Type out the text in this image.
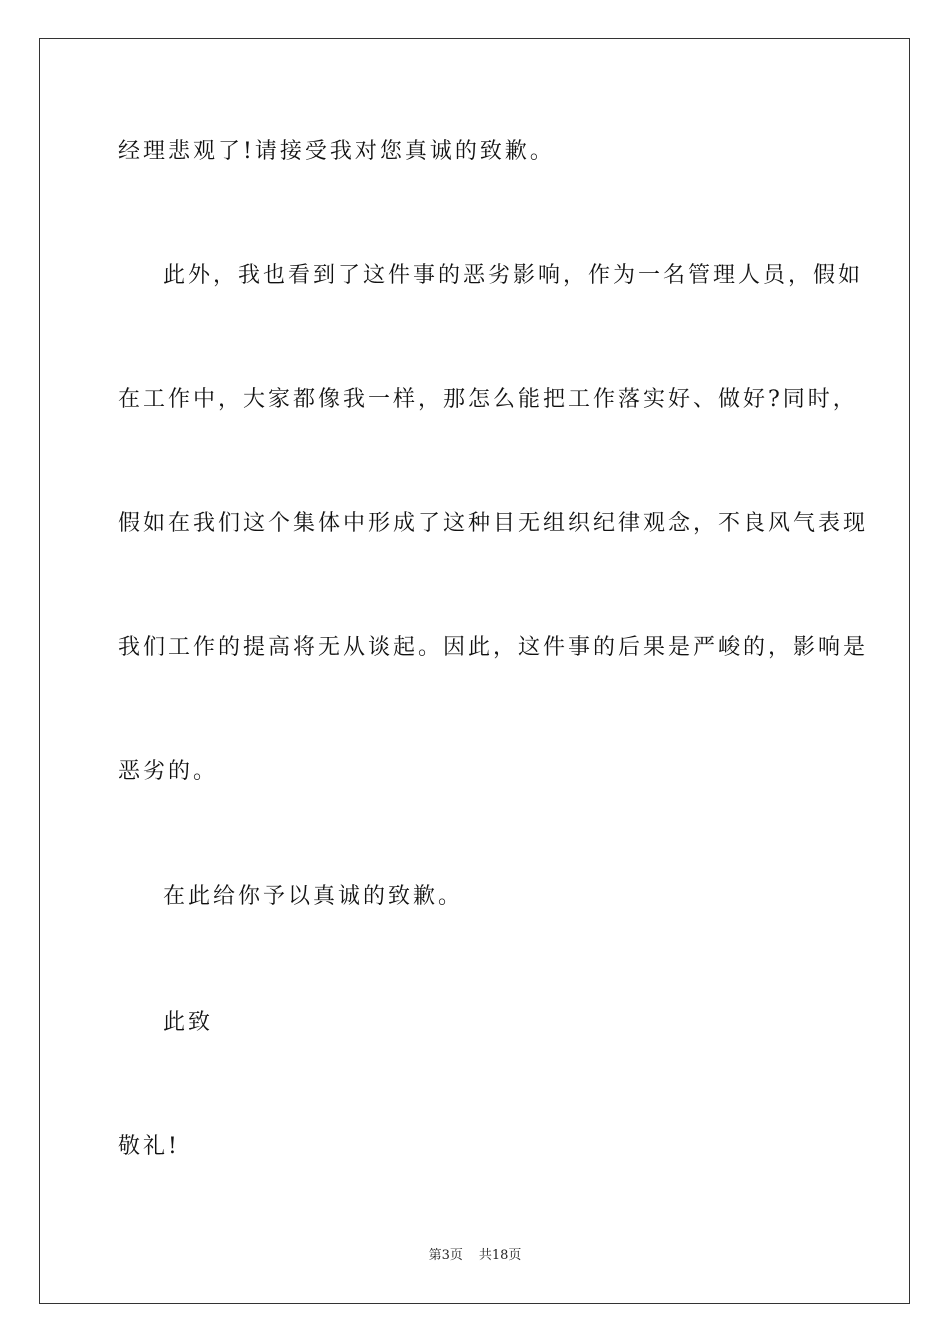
经理悲观了!请接受我对您真诚的致歉。
此外，我也看到了这件事的恶劣影响，作为一名管理人员，假如
在工作中，大家都像我一样，那怎么能把工作落实好、做好?同时，
假如在我们这个集体中形成了这种目无组织纪律观念，不良风气表现
我们工作的提高将无从谈起。因此，这件事的后果是严峻的，影响是
恶劣的。
在此给你予以真诚的致歉。
此致
敬礼!
第3页 共18页
